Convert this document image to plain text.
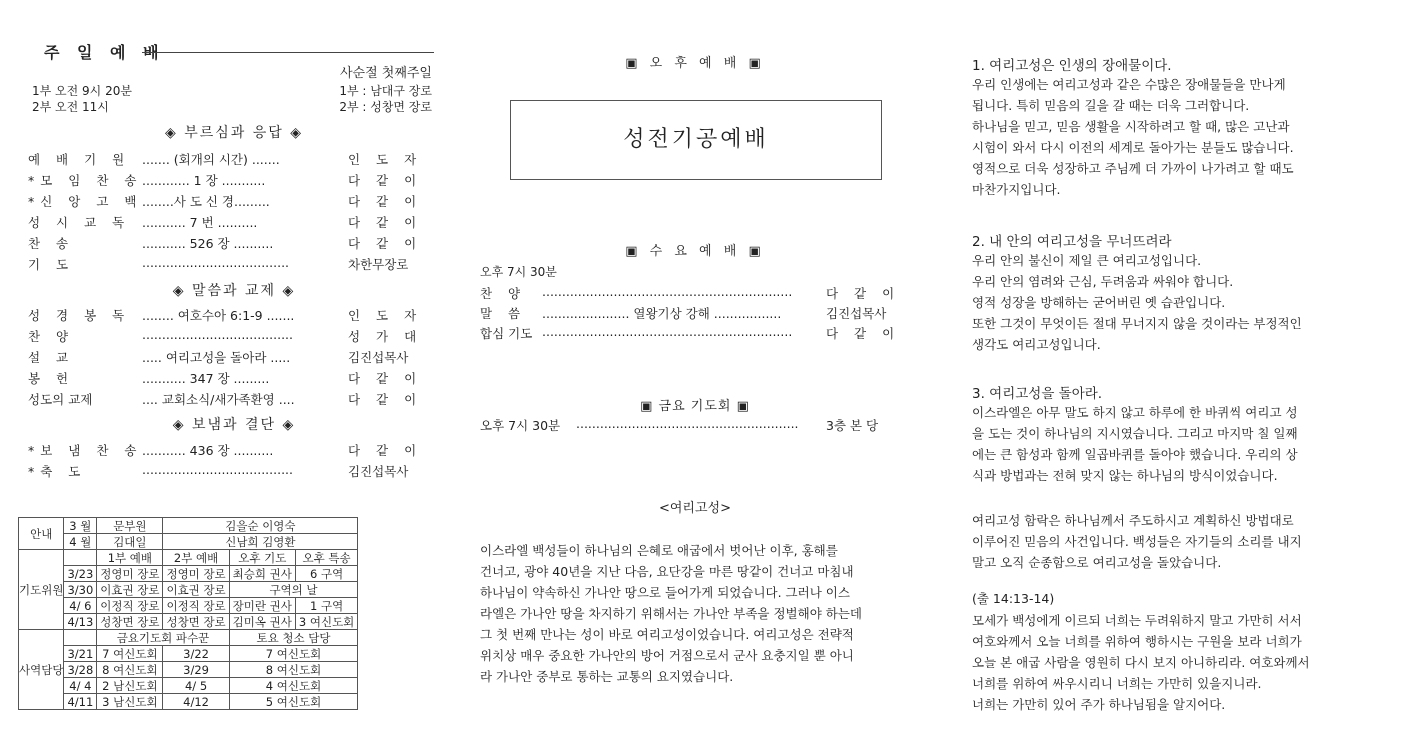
주 일 예 배
사순절 첫째주일
1부 오전 9시 20분	1부 : 남대구 장로
2부 오전 11시	2부 : 성창면 장로
◈ 부르심과 응답 ◈
예 배 기 원 ....... (회개의 시간) .......	인 도 자
*모 임 찬 송 ............ 1 장 ...........	다 같 이
*신 앙 고 백 ........사 도 신 경.........	다 같 이
성 시 교 독 ........... 7 번 ..........	다 같 이
찬 송	........... 526 장 ..........	다 같 이
기 도	.....................................	차한무장로
◈ 말씀과 교제 ◈
성 경 봉 독 ........ 여호수아 6:1-9 .......	인 도 자
찬 양	......................................	성 가 대
설 교	..... 여리고성을 돌아라 .....	김진섭목사
봉 헌	........... 347 장 .........	다 같 이
성도의 교제	.... 교회소식/새가족환영 ....	다 같 이
◈ 보냄과 결단 ◈
*보 냄 찬 송 ........... 436 장 ..........	다 같 이
*축 도	......................................	김진섭목사
안내	3 월	문부원	김을순 이영숙		
	4 월	김대일	신남희 김영환		
기도위원		1부 예배	2부 예배	오후 기도	오후 특송
	3/23	정영미 장로	정영미 장로	최승희 권사	6 구역
	3/30	이효권 장로	이효권 장로	구역의 날	
	4/ 6	이정직 장로	이정직 장로	장미란 권사	1 구역
	4/13	성창면 장로	성창면 장로	김미옥 권사	3 여신도회
사역담당		금요기도회 파수꾼		토요 청소 담당	
	3/21	7 여신도회	3/22	7 여신도회	
	3/28	8 여신도회	3/29	8 여신도회	
	4/ 4	2 남신도회	4/ 5	4 여신도회	
	4/11	3 남신도회	4/12	5 여신도회	
▣ 오 후 예 배 ▣
성전기공예배
▣ 수 요 예 배 ▣
오후 7시 30분
찬 양 ...............................................................	다 같 이
말 씀 ...................... 열왕기상 강해 .................	김진섭목사
합심 기도 ...............................................................	다 같 이
▣ 금요 기도회 ▣
오후 7시 30분 ........................................................	3층 본 당
<여리고성>
이스라엘 백성들이 하나님의 은혜로 애굽에서 벗어난 이후, 홍해를
건너고, 광야 40년을 지난 다음, 요단강을 마른 땅같이 건너고 마침내
하나님이 약속하신 가나안 땅으로 들어가게 되었습니다. 그러나 이스
라엘은 가나안 땅을 차지하기 위해서는 가나안 부족을 정벌해야 하는데
그 첫 번째 만나는 성이 바로 여리고성이었습니다. 여리고성은 전략적
위치상 매우 중요한 가나안의 방어 거점으로서 군사 요충지일 뿐 아니
라 가나안 중부로 통하는 교통의 요지였습니다.
1. 여리고성은 인생의 장애물이다.
우리 인생에는 여리고성과 같은 수많은 장애물들을 만나게
됩니다. 특히 믿음의 길을 갈 때는 더욱 그러합니다.
하나님을 믿고, 믿음 생활을 시작하려고 할 때, 많은 고난과
시험이 와서 다시 이전의 세계로 돌아가는 분들도 많습니다.
영적으로 더욱 성장하고 주님께 더 가까이 나가려고 할 때도
마찬가지입니다.
2. 내 안의 여리고성을 무너뜨려라
우리 안의 불신이 제일 큰 여리고성입니다.
우리 안의 염려와 근심, 두려움과 싸워야 합니다.
영적 성장을 방해하는 굳어버린 옛 습관입니다.
또한 그것이 무엇이든 절대 무너지지 않을 것이라는 부정적인
생각도 여리고성입니다.
3. 여리고성을 돌아라.
이스라엘은 아무 말도 하지 않고 하루에 한 바퀴씩 여리고 성
을 도는 것이 하나님의 지시였습니다. 그리고 마지막 칠 일째
에는 큰 함성과 함께 일곱바퀴를 돌아야 했습니다. 우리의 상
식과 방법과는 전혀 맞지 않는 하나님의 방식이었습니다.
여리고성 함락은 하나님께서 주도하시고 계획하신 방법대로
이루어진 믿음의 사건입니다. 백성들은 자기들의 소리를 내지
말고 오직 순종함으로 여리고성을 돌았습니다.
(출 14:13-14)
모세가 백성에게 이르되 너희는 두려워하지 말고 가만히 서서
여호와께서 오늘 너희를 위하여 행하시는 구원을 보라 너희가
오늘 본 애굽 사람을 영원히 다시 보지 아니하리라. 여호와께서
너희를 위하여 싸우시리니 너희는 가만히 있을지니라.
너희는 가만히 있어 주가 하나님됨을 알지어다.
